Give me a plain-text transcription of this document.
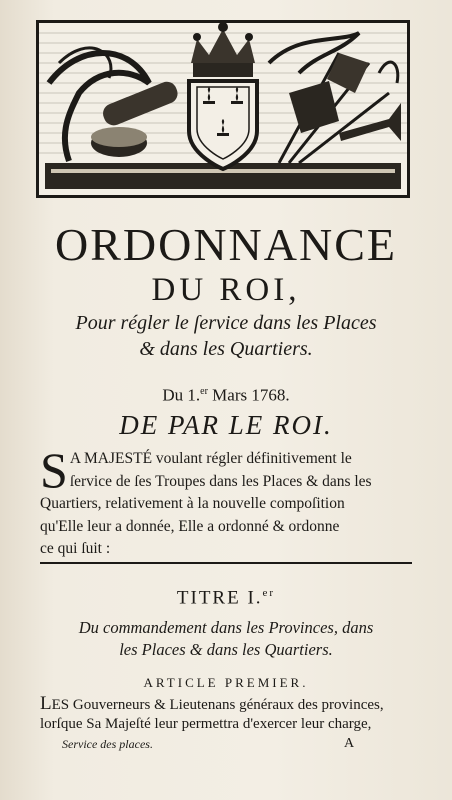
ORDONNANCE
DU ROI,
Pour régler le ſervice dans les Places
& dans les Quartiers.
Du 1.$^{er}$ Mars 1768.
DE PAR LE ROI.
S A MAJESTÉ voulant régler définitivement le
ſervice de ſes Troupes dans les Places & dans les
Quartiers, relativement à la nouvelle compoſition
qu'Elle leur a donnée, Elle a ordonné & ordonne
ce qui ſuit :
TITRE I.$^{er}$
Du commandement dans les Provinces, dans
les Places & dans les Quartiers.
ARTICLE PREMIER.
LES Gouverneurs & Lieutenans généraux des provinces,
lorſque Sa Majeſté leur permettra d'exercer leur charge,
Service des places.	A
